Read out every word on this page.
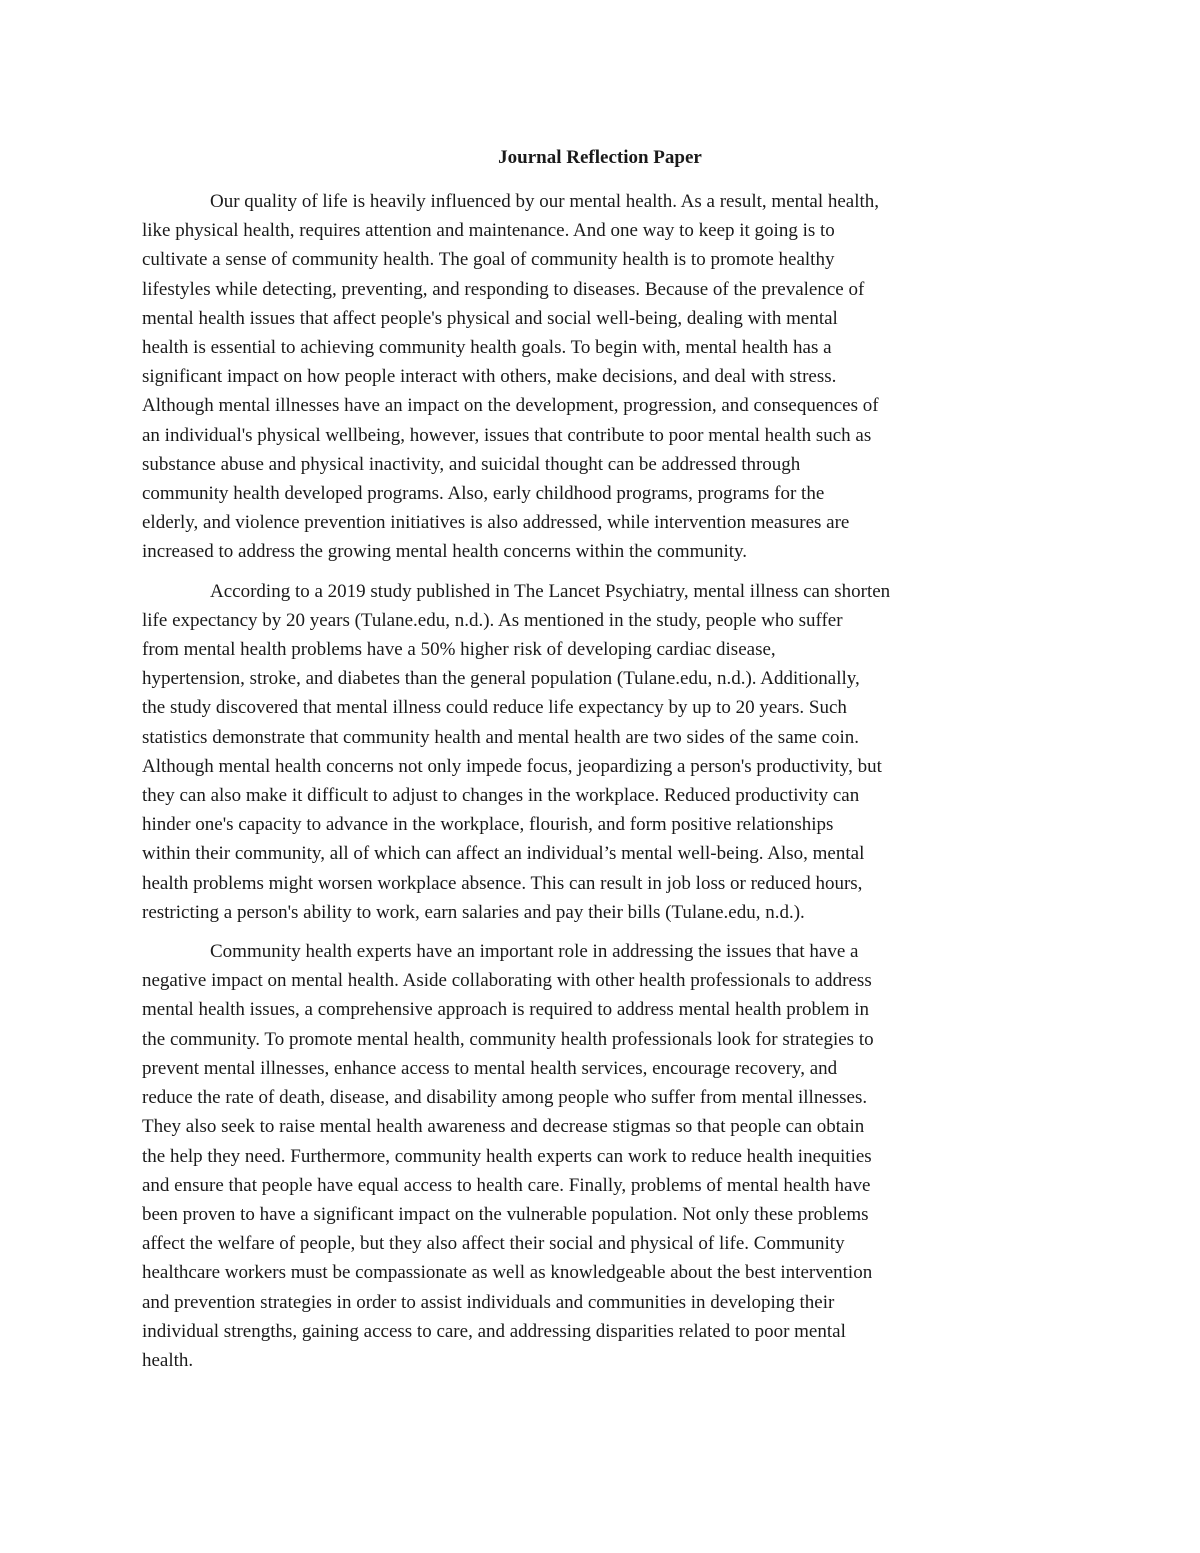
Journal Reflection Paper

Our quality of life is heavily influenced by our mental health. As a result, mental health,
like physical health, requires attention and maintenance. And one way to keep it going is to
cultivate a sense of community health. The goal of community health is to promote healthy
lifestyles while detecting, preventing, and responding to diseases. Because of the prevalence of
mental health issues that affect people's physical and social well-being, dealing with mental
health is essential to achieving community health goals. To begin with, mental health has a
significant impact on how people interact with others, make decisions, and deal with stress.
Although mental illnesses have an impact on the development, progression, and consequences of
an individual's physical wellbeing, however, issues that contribute to poor mental health such as
substance abuse and physical inactivity, and suicidal thought can be addressed through
community health developed programs. Also, early childhood programs, programs for the
elderly, and violence prevention initiatives is also addressed, while intervention measures are
increased to address the growing mental health concerns within the community.

According to a 2019 study published in The Lancet Psychiatry, mental illness can shorten
life expectancy by 20 years (Tulane.edu, n.d.). As mentioned in the study, people who suffer
from mental health problems have a 50% higher risk of developing cardiac disease,
hypertension, stroke, and diabetes than the general population (Tulane.edu, n.d.). Additionally,
the study discovered that mental illness could reduce life expectancy by up to 20 years. Such
statistics demonstrate that community health and mental health are two sides of the same coin.
Although mental health concerns not only impede focus, jeopardizing a person's productivity, but
they can also make it difficult to adjust to changes in the workplace. Reduced productivity can
hinder one's capacity to advance in the workplace, flourish, and form positive relationships
within their community, all of which can affect an individual’s mental well-being. Also, mental
health problems might worsen workplace absence. This can result in job loss or reduced hours,
restricting a person's ability to work, earn salaries and pay their bills (Tulane.edu, n.d.).

Community health experts have an important role in addressing the issues that have a
negative impact on mental health. Aside collaborating with other health professionals to address
mental health issues, a comprehensive approach is required to address mental health problem in
the community. To promote mental health, community health professionals look for strategies to
prevent mental illnesses, enhance access to mental health services, encourage recovery, and
reduce the rate of death, disease, and disability among people who suffer from mental illnesses.
They also seek to raise mental health awareness and decrease stigmas so that people can obtain
the help they need. Furthermore, community health experts can work to reduce health inequities
and ensure that people have equal access to health care. Finally, problems of mental health have
been proven to have a significant impact on the vulnerable population. Not only these problems
affect the welfare of people, but they also affect their social and physical of life. Community
healthcare workers must be compassionate as well as knowledgeable about the best intervention
and prevention strategies in order to assist individuals and communities in developing their
individual strengths, gaining access to care, and addressing disparities related to poor mental
health.
